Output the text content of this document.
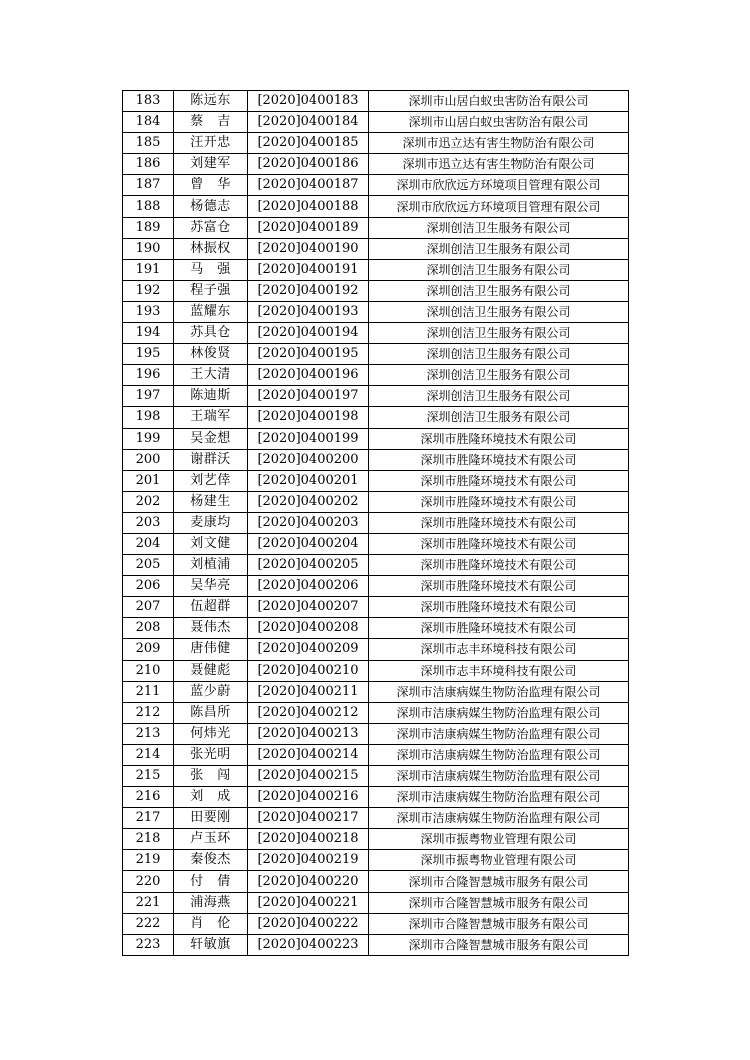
183	陈远东	[2020]0400183	深圳市山居白蚁虫害防治有限公司
184	蔡　吉	[2020]0400184	深圳市山居白蚁虫害防治有限公司
185	汪开忠	[2020]0400185	深圳市迅立达有害生物防治有限公司
186	刘建军	[2020]0400186	深圳市迅立达有害生物防治有限公司
187	曾　华	[2020]0400187	深圳市欣欣远方环境项目管理有限公司
188	杨德志	[2020]0400188	深圳市欣欣远方环境项目管理有限公司
189	苏富仓	[2020]0400189	深圳创洁卫生服务有限公司
190	林振权	[2020]0400190	深圳创洁卫生服务有限公司
191	马　强	[2020]0400191	深圳创洁卫生服务有限公司
192	程子强	[2020]0400192	深圳创洁卫生服务有限公司
193	蓝耀东	[2020]0400193	深圳创洁卫生服务有限公司
194	苏具仓	[2020]0400194	深圳创洁卫生服务有限公司
195	林俊贤	[2020]0400195	深圳创洁卫生服务有限公司
196	王大清	[2020]0400196	深圳创洁卫生服务有限公司
197	陈迪斯	[2020]0400197	深圳创洁卫生服务有限公司
198	王瑞军	[2020]0400198	深圳创洁卫生服务有限公司
199	吴金想	[2020]0400199	深圳市胜隆环境技术有限公司
200	谢群沃	[2020]0400200	深圳市胜隆环境技术有限公司
201	刘艺倖	[2020]0400201	深圳市胜隆环境技术有限公司
202	杨建生	[2020]0400202	深圳市胜隆环境技术有限公司
203	麦康均	[2020]0400203	深圳市胜隆环境技术有限公司
204	刘文健	[2020]0400204	深圳市胜隆环境技术有限公司
205	刘植浦	[2020]0400205	深圳市胜隆环境技术有限公司
206	吴华亮	[2020]0400206	深圳市胜隆环境技术有限公司
207	伍超群	[2020]0400207	深圳市胜隆环境技术有限公司
208	聂伟杰	[2020]0400208	深圳市胜隆环境技术有限公司
209	唐伟健	[2020]0400209	深圳市志丰环境科技有限公司
210	聂健彪	[2020]0400210	深圳市志丰环境科技有限公司
211	蓝少蔚	[2020]0400211	深圳市洁康病媒生物防治监理有限公司
212	陈昌所	[2020]0400212	深圳市洁康病媒生物防治监理有限公司
213	何炜光	[2020]0400213	深圳市洁康病媒生物防治监理有限公司
214	张光明	[2020]0400214	深圳市洁康病媒生物防治监理有限公司
215	张　闯	[2020]0400215	深圳市洁康病媒生物防治监理有限公司
216	刘　成	[2020]0400216	深圳市洁康病媒生物防治监理有限公司
217	田要刚	[2020]0400217	深圳市洁康病媒生物防治监理有限公司
218	卢玉环	[2020]0400218	深圳市振粤物业管理有限公司
219	秦俊杰	[2020]0400219	深圳市振粤物业管理有限公司
220	付　倩	[2020]0400220	深圳市合隆智慧城市服务有限公司
221	浦海燕	[2020]0400221	深圳市合隆智慧城市服务有限公司
222	肖　伦	[2020]0400222	深圳市合隆智慧城市服务有限公司
223	轩敏旗	[2020]0400223	深圳市合隆智慧城市服务有限公司
